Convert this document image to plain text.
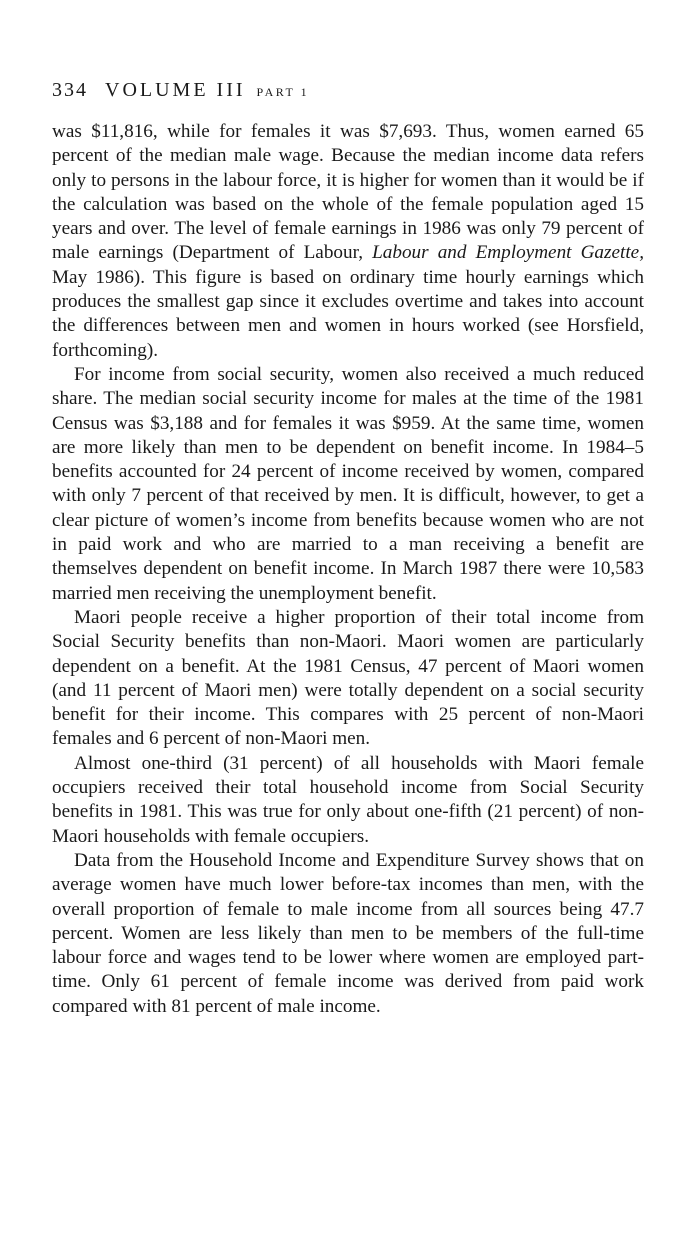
334 VOLUME III PART 1

was $11,816, while for females it was $7,693. Thus, women earned 65 percent of the median male wage. Because the median income data refers only to persons in the labour force, it is higher for women than it would be if the calculation was based on the whole of the female population aged 15 years and over. The level of female earnings in 1986 was only 79 percent of male earnings (Department of Labour, Labour and Employment Gazette, May 1986). This figure is based on ordinary time hourly earnings which produces the smallest gap since it excludes overtime and takes into account the differences between men and women in hours worked (see Horsfield, forthcoming).

For income from social security, women also received a much reduced share. The median social security income for males at the time of the 1981 Census was $3,188 and for females it was $959. At the same time, women are more likely than men to be dependent on benefit income. In 1984–5 benefits accounted for 24 percent of income received by women, compared with only 7 percent of that received by men. It is difficult, however, to get a clear picture of women’s income from benefits because women who are not in paid work and who are married to a man receiving a benefit are themselves dependent on benefit income. In March 1987 there were 10,583 married men receiving the unemployment benefit.

Maori people receive a higher proportion of their total income from Social Security benefits than non-Maori. Maori women are particularly dependent on a benefit. At the 1981 Census, 47 percent of Maori women (and 11 percent of Maori men) were totally dependent on a social security benefit for their income. This compares with 25 percent of non-Maori females and 6 percent of non-Maori men.

Almost one-third (31 percent) of all households with Maori female occupiers received their total household income from Social Security benefits in 1981. This was true for only about one-fifth (21 percent) of non-Maori households with female occupiers.

Data from the Household Income and Expenditure Survey shows that on average women have much lower before-tax incomes than men, with the overall proportion of female to male income from all sources being 47.7 percent. Women are less likely than men to be members of the full-time labour force and wages tend to be lower where women are employed part-time. Only 61 percent of female income was derived from paid work compared with 81 percent of male income.
